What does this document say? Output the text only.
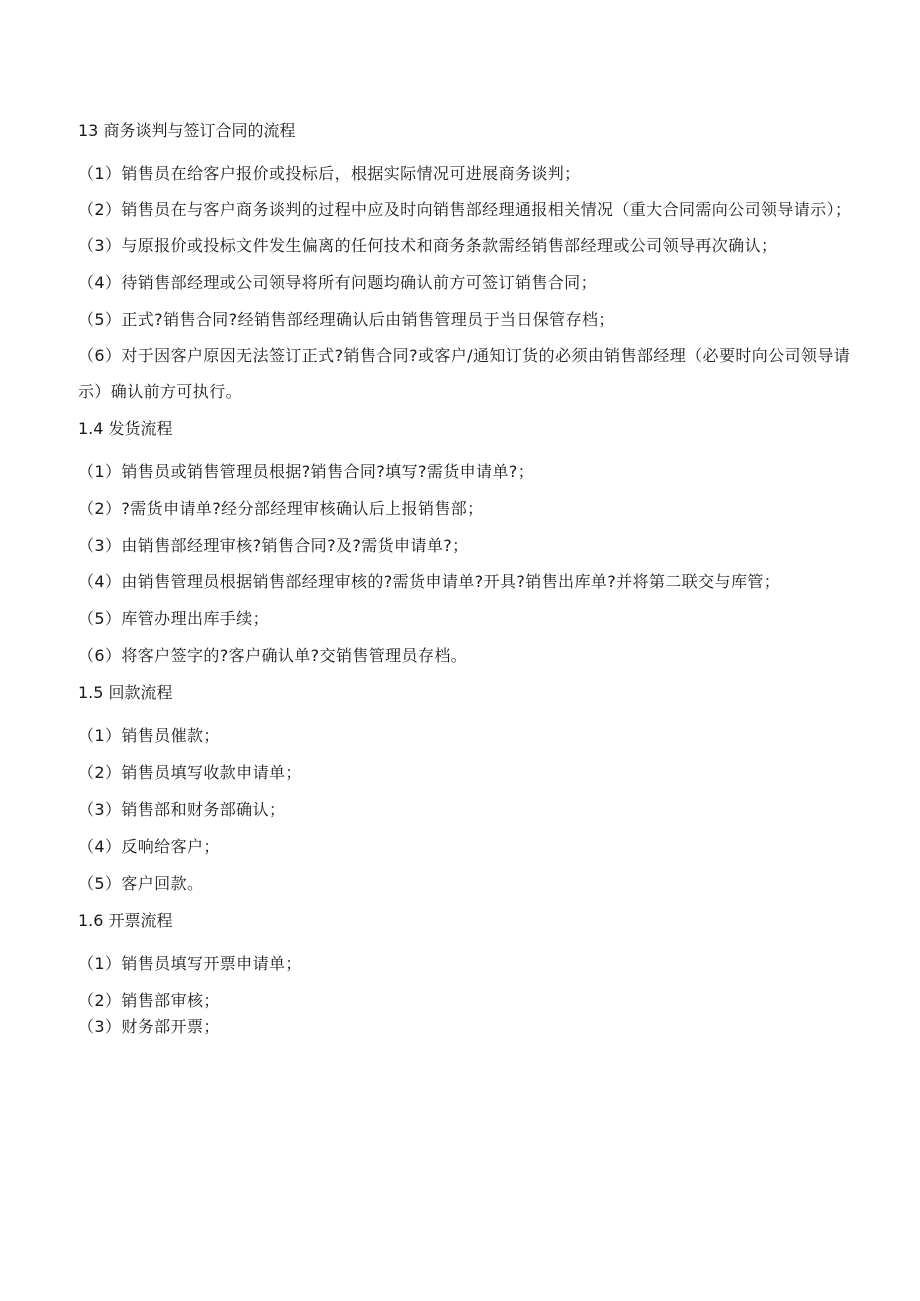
13 商务谈判与签订合同的流程

（1）销售员在给客户报价或投标后，根据实际情况可进展商务谈判；

（2）销售员在与客户商务谈判的过程中应及时向销售部经理通报相关情况（重大合同需向公司领导请示）；

（3）与原报价或投标文件发生偏离的任何技术和商务条款需经销售部经理或公司领导再次确认；

（4）待销售部经理或公司领导将所有问题均确认前方可签订销售合同；

（5）正式?销售合同?经销售部经理确认后由销售管理员于当日保管存档；

（6）对于因客户原因无法签订正式?销售合同?或客户/通知订货的必须由销售部经理（必要时向公司领导请示）确认前方可执行。

1.4 发货流程

（1）销售员或销售管理员根据?销售合同?填写?需货申请单?；

（2）?需货申请单?经分部经理审核确认后上报销售部；

（3）由销售部经理审核?销售合同?及?需货申请单?；

（4）由销售管理员根据销售部经理审核的?需货申请单?开具?销售出库单?并将第二联交与库管；

（5）库管办理出库手续；

（6）将客户签字的?客户确认单?交销售管理员存档。

1.5 回款流程

（1）销售员催款；

（2）销售员填写收款申请单；

（3）销售部和财务部确认；

（4）反响给客户；

（5）客户回款。

1.6 开票流程

（1）销售员填写开票申请单；

（2）销售部审核；

（3）财务部开票；
